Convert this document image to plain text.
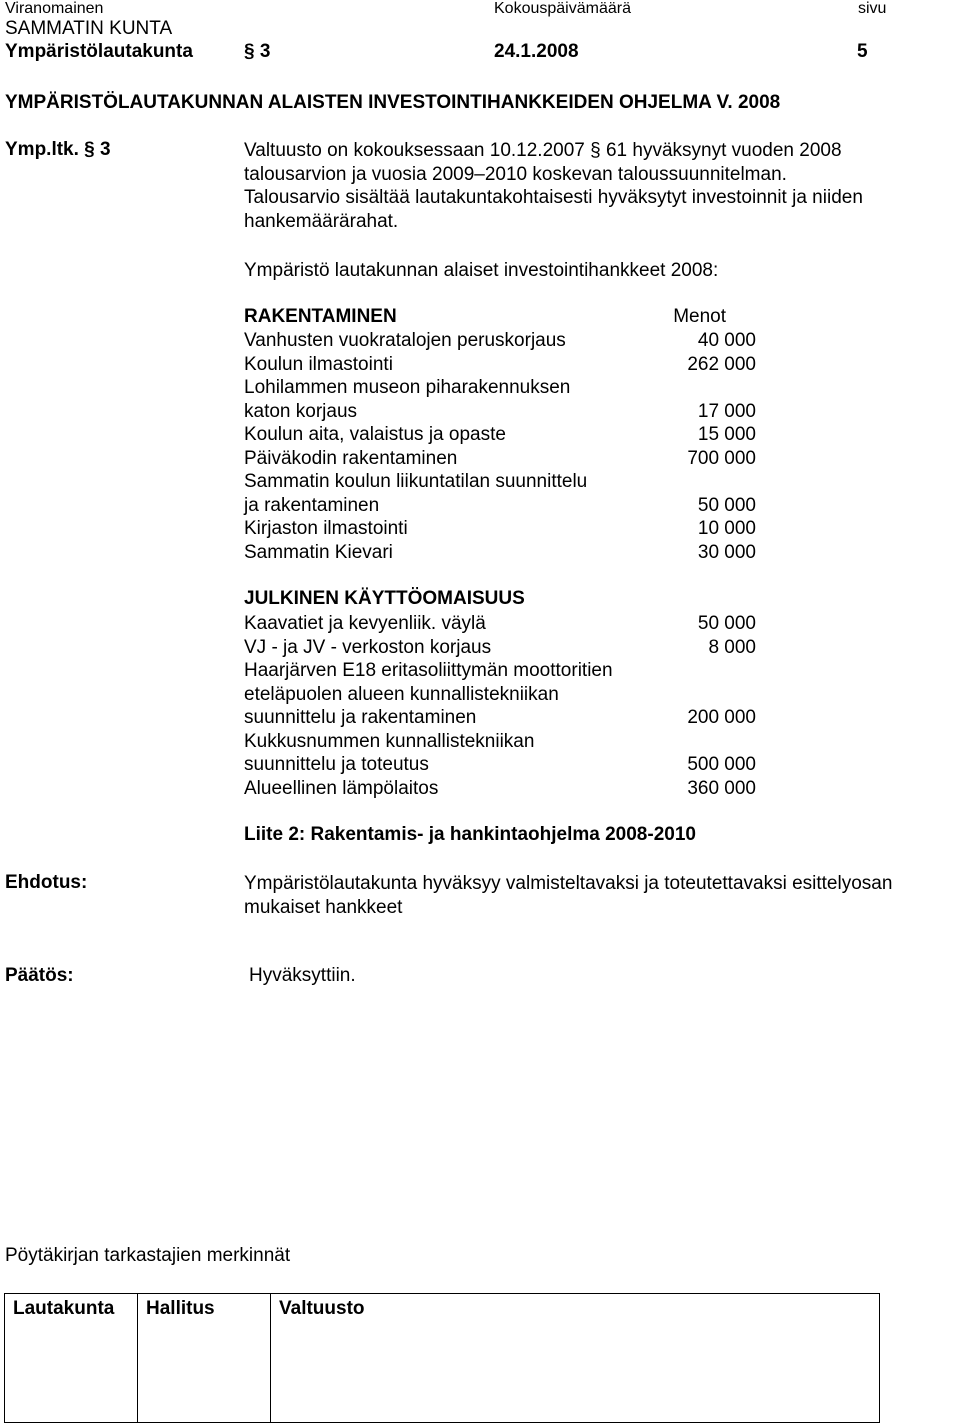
Viranomainen	Kokouspäivämäärä	sivu
SAMMATIN KUNTA
Ympäristölautakunta	§ 3	24.1.2008	5
YMPÄRISTÖLAUTAKUNNAN ALAISTEN INVESTOINTIHANKKEIDEN OHJELMA V. 2008
Ymp.ltk. § 3	Valtuusto on kokouksessaan 10.12.2007 § 61 hyväksynyt vuoden 2008
talousarvion ja vuosia 2009–2010 koskevan taloussuunnitelman.
Talousarvio sisältää lautakuntakohtaisesti hyväksytyt investoinnit ja niiden
hankemäärärahat.
Ympäristö lautakunnan alaiset investointihankkeet 2008:
RAKENTAMINEN	Menot
Vanhusten vuokratalojen peruskorjaus	40 000
Koulun ilmastointi	262 000
Lohilammen museon piharakennuksen
katon korjaus	17 000
Koulun aita, valaistus ja opaste	15 000
Päiväkodin rakentaminen	700 000
Sammatin koulun liikuntatilan suunnittelu
ja rakentaminen	50 000
Kirjaston ilmastointi	10 000
Sammatin Kievari	30 000
JULKINEN KÄYTTÖOMAISUUS
Kaavatiet ja kevyenliik. väylä	50 000
VJ - ja JV - verkoston korjaus	8 000
Haarjärven E18 eritasoliittymän moottoritien
eteläpuolen alueen kunnallistekniikan
suunnittelu ja rakentaminen	200 000
Kukkusnummen kunnallistekniikan
suunnittelu ja toteutus	500 000
Alueellinen lämpölaitos	360 000
Liite 2: Rakentamis- ja hankintaohjelma 2008-2010
Ehdotus:	Ympäristölautakunta hyväksyy valmisteltavaksi ja toteutettavaksi esittelyosan
mukaiset hankkeet
Päätös:	Hyväksyttiin.
Pöytäkirjan tarkastajien merkinnät
Lautakunta	Hallitus	Valtuusto
